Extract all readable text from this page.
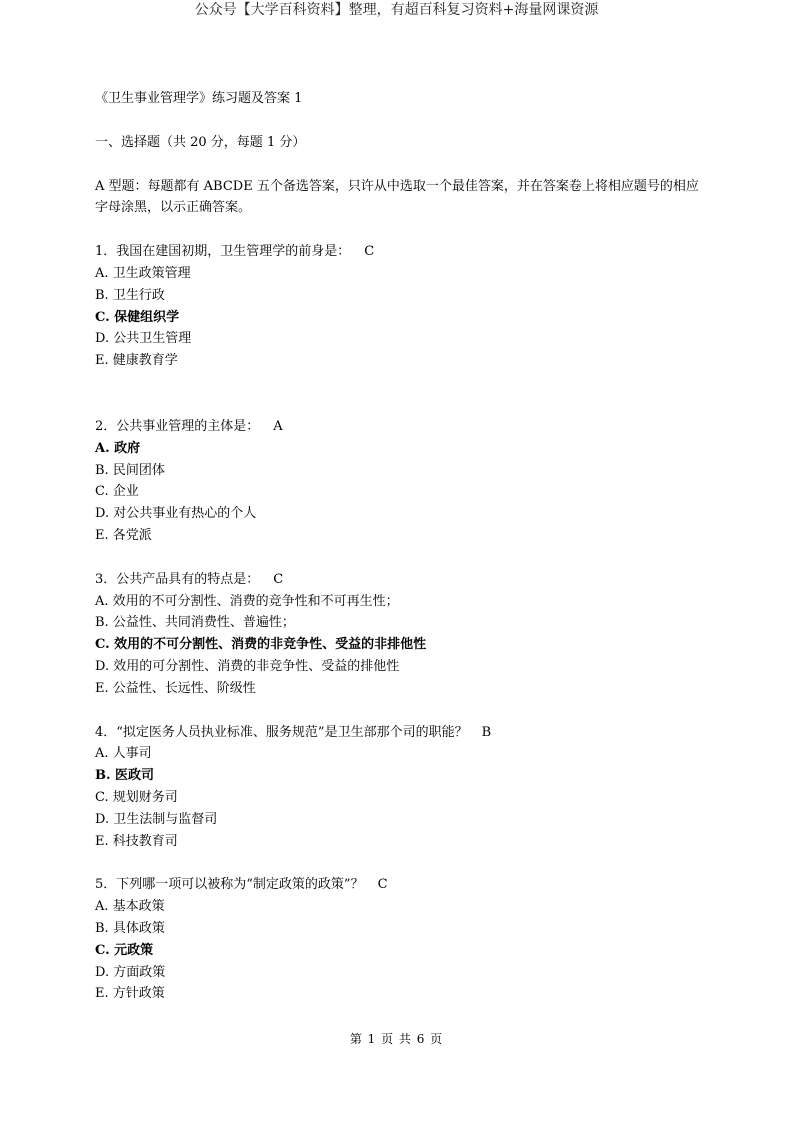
公众号【大学百科资料】整理，有超百科复习资料+海量网课资源
《卫生事业管理学》练习题及答案 1
一、选择题（共 20 分，每题 1 分）
A 型题：每题都有 ABCDE 五个备选答案，只许从中选取一个最佳答案，并在答案卷上将相应题号的相应字母涂黑，以示正确答案。
1．我国在建国初期，卫生管理学的前身是： C
A. 卫生政策管理
B. 卫生行政
C. 保健组织学
D. 公共卫生管理
E. 健康教育学
2．公共事业管理的主体是： A
A. 政府
B. 民间团体
C. 企业
D. 对公共事业有热心的个人
E. 各党派
3．公共产品具有的特点是： C
A. 效用的不可分割性、消费的竞争性和不可再生性；
B. 公益性、共同消费性、普遍性；
C. 效用的不可分割性、消费的非竞争性、受益的非排他性
D. 效用的可分割性、消费的非竞争性、受益的排他性
E. 公益性、长远性、阶级性
4．“拟定医务人员执业标准、服务规范”是卫生部那个司的职能？ B
A. 人事司
B. 医政司
C. 规划财务司
D. 卫生法制与监督司
E. 科技教育司
5．下列哪一项可以被称为“制定政策的政策”？ C
A. 基本政策
B. 具体政策
C. 元政策
D. 方面政策
E. 方针政策
第 1 页 共 6 页
